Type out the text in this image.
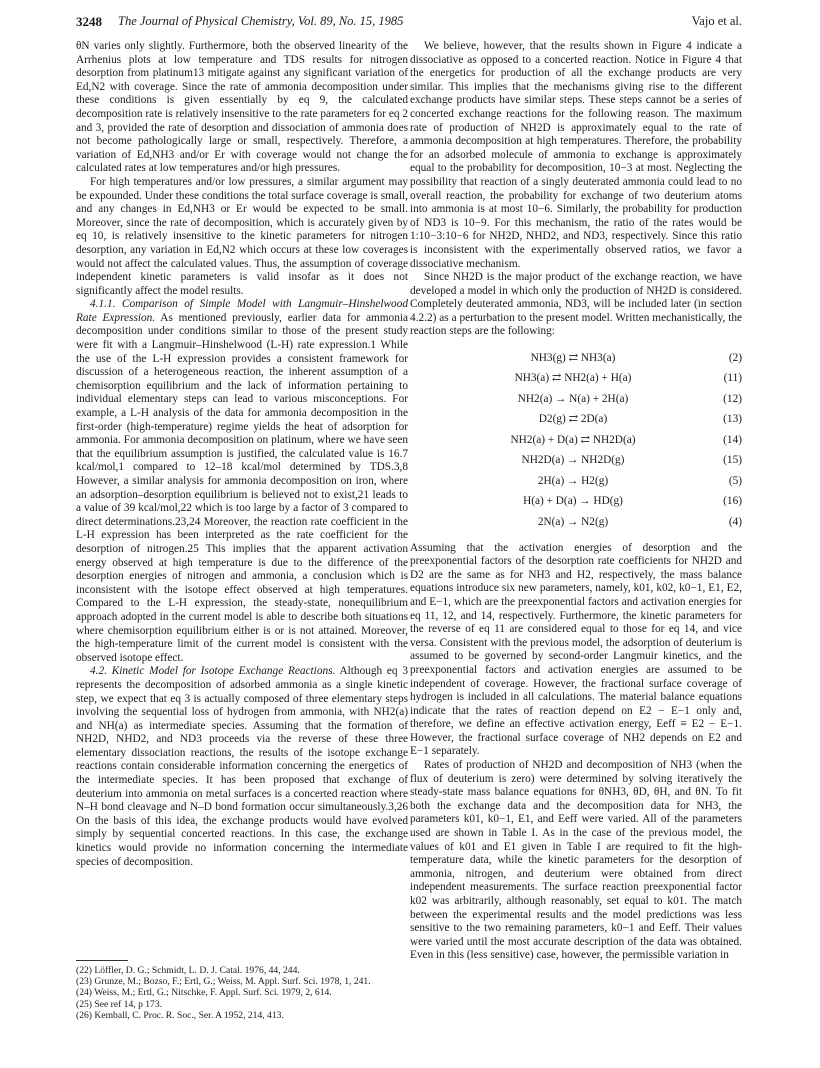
3248 The Journal of Physical Chemistry, Vol. 89, No. 15, 1985	Vajo et al.

θN varies only slightly. Furthermore, both the observed linearity of the Arrhenius plots at low temperature and TDS results for nitrogen desorption from platinum13 mitigate against any significant variation of Ed,N2 with coverage. Since the rate of ammonia decomposition under these conditions is given essentially by eq 9, the calculated decomposition rate is relatively insensitive to the rate parameters for eq 2 and 3, provided the rate of desorption and dissociation of ammonia does not become pathologically large or small, respectively. Therefore, a variation of Ed,NH3 and/or Er with coverage would not change the calculated rates at low temperatures and/or high pressures.

For high temperatures and/or low pressures, a similar argument may be expounded. Under these conditions the total surface coverage is small, and any changes in Ed,NH3 or Er would be expected to be small. Moreover, since the rate of decomposition, which is accurately given by eq 10, is relatively insensitive to the kinetic parameters for nitrogen desorption, any variation in Ed,N2 which occurs at these low coverages would not affect the calculated values. Thus, the assumption of coverage independent kinetic parameters is valid insofar as it does not significantly affect the model results.

4.1.1. Comparison of Simple Model with Langmuir–Hinshelwood Rate Expression. As mentioned previously, earlier data for ammonia decomposition under conditions similar to those of the present study were fit with a Langmuir–Hinshelwood (L-H) rate expression.1 While the use of the L-H expression provides a consistent framework for discussion of a heterogeneous reaction, the inherent assumption of a chemisorption equilibrium and the lack of information pertaining to individual elementary steps can lead to various misconceptions. For example, a L-H analysis of the data for ammonia decomposition in the first-order (high-temperature) regime yields the heat of adsorption for ammonia. For ammonia decomposition on platinum, where we have seen that the equilibrium assumption is justified, the calculated value is 16.7 kcal/mol,1 compared to 12–18 kcal/mol determined by TDS.3,8 However, a similar analysis for ammonia decomposition on iron, where an adsorption–desorption equilibrium is believed not to exist,21 leads to a value of 39 kcal/mol,22 which is too large by a factor of 3 compared to direct determinations.23,24 Moreover, the reaction rate coefficient in the L-H expression has been interpreted as the rate coefficient for the desorption of nitrogen.25 This implies that the apparent activation energy observed at high temperature is due to the difference of the desorption energies of nitrogen and ammonia, a conclusion which is inconsistent with the isotope effect observed at high temperatures. Compared to the L-H expression, the steady-state, nonequilibrium approach adopted in the current model is able to describe both situations where chemisorption equilibrium either is or is not attained. Moreover, the high-temperature limit of the current model is consistent with the observed isotope effect.

4.2. Kinetic Model for Isotope Exchange Reactions. Although eq 3 represents the decomposition of adsorbed ammonia as a single kinetic step, we expect that eq 3 is actually composed of three elementary steps involving the sequential loss of hydrogen from ammonia, with NH2(a) and NH(a) as intermediate species. Assuming that the formation of NH2D, NHD2, and ND3 proceeds via the reverse of these three elementary dissociation reactions, the results of the isotope exchange reactions contain considerable information concerning the energetics of the intermediate species. It has been proposed that exchange of deuterium into ammonia on metal surfaces is a concerted reaction where N–H bond cleavage and N–D bond formation occur simultaneously.3,26 On the basis of this idea, the exchange products would have evolved simply by sequential concerted reactions. In this case, the exchange kinetics would provide no information concerning the intermediate species of decomposition.

(22) Löffler, D. G.; Schmidt, L. D. J. Catal. 1976, 44, 244.
(23) Grunze, M.; Bozso, F.; Ertl, G.; Weiss, M. Appl. Surf. Sci. 1978, 1, 241.
(24) Weiss, M.; Ertl, G.; Nitschke, F. Appl. Surf. Sci. 1979, 2, 614.
(25) See ref 14, p 173.
(26) Kemball, C. Proc. R. Soc., Ser. A 1952, 214, 413.

We believe, however, that the results shown in Figure 4 indicate a dissociative as opposed to a concerted reaction. Notice in Figure 4 that the energetics for production of all the exchange products are very similar. This implies that the mechanisms giving rise to the different exchange products have similar steps. These steps cannot be a series of concerted exchange reactions for the following reason. The maximum rate of production of NH2D is approximately equal to the rate of ammonia decomposition at high temperatures. Therefore, the probability for an adsorbed molecule of ammonia to exchange is approximately equal to the probability for decomposition, 10−3 at most. Neglecting the possibility that reaction of a singly deuterated ammonia could lead to no overall reaction, the probability for exchange of two deuterium atoms into ammonia is at most 10−6. Similarly, the probability for production of ND3 is 10−9. For this mechanism, the ratio of the rates would be 1:10−3:10−6 for NH2D, NHD2, and ND3, respectively. Since this ratio is inconsistent with the experimentally observed ratios, we favor a dissociative mechanism.

Since NH2D is the major product of the exchange reaction, we have developed a model in which only the production of NH2D is considered. Completely deuterated ammonia, ND3, will be included later (in section 4.2.2) as a perturbation to the present model. Written mechanistically, the reaction steps are the following:

NH3(g) ⇄ NH3(a)	(2)
NH3(a) ⇄ NH2(a) + H(a)	(11)
NH2(a) → N(a) + 2H(a)	(12)
D2(g) ⇄ 2D(a)	(13)
NH2(a) + D(a) ⇄ NH2D(a)	(14)
NH2D(a) → NH2D(g)	(15)
2H(a) → H2(g)	(5)
H(a) + D(a) → HD(g)	(16)
2N(a) → N2(g)	(4)

Assuming that the activation energies of desorption and the preexponential factors of the desorption rate coefficients for NH2D and D2 are the same as for NH3 and H2, respectively, the mass balance equations introduce six new parameters, namely, k01, k02, k0−1, E1, E2, and E−1, which are the preexponential factors and activation energies for eq 11, 12, and 14, respectively. Furthermore, the kinetic parameters for the reverse of eq 11 are considered equal to those for eq 14, and vice versa. Consistent with the previous model, the adsorption of deuterium is assumed to be governed by second-order Langmuir kinetics, and the preexponential factors and activation energies are assumed to be independent of coverage. However, the fractional surface coverage of hydrogen is included in all calculations. The material balance equations indicate that the rates of reaction depend on E2 − E−1 only and, therefore, we define an effective activation energy, Eeff ≡ E2 − E−1. However, the fractional surface coverage of NH2 depends on E2 and E−1 separately.

Rates of production of NH2D and decomposition of NH3 (when the flux of deuterium is zero) were determined by solving iteratively the steady-state mass balance equations for θNH3, θD, θH, and θN. To fit both the exchange data and the decomposition data for NH3, the parameters k01, k0−1, E1, and Eeff were varied. All of the parameters used are shown in Table I. As in the case of the previous model, the values of k01 and E1 given in Table I are required to fit the high-temperature data, while the kinetic parameters for the desorption of ammonia, nitrogen, and deuterium were obtained from direct independent measurements. The surface reaction preexponential factor k02 was arbitrarily, although reasonably, set equal to k01. The match between the experimental results and the model predictions was less sensitive to the two remaining parameters, k0−1 and Eeff. Their values were varied until the most accurate description of the data was obtained. Even in this (less sensitive) case, however, the permissible variation in
